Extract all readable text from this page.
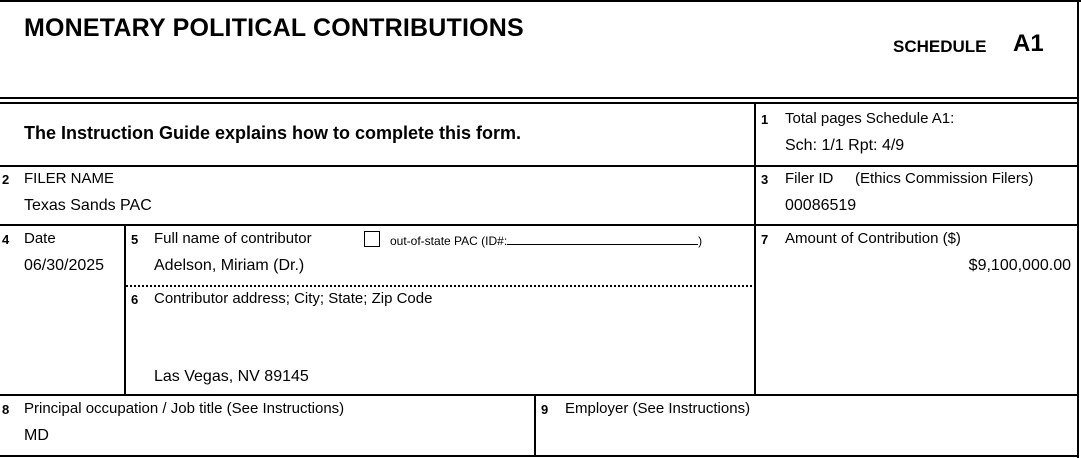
MONETARY POLITICAL CONTRIBUTIONS
SCHEDULE A1
The Instruction Guide explains how to complete this form.
1 Total pages Schedule A1:
Sch: 1/1 Rpt: 4/9
2 FILER NAME
Texas Sands PAC
3 Filer ID (Ethics Commission Filers)
00086519
4 Date
06/30/2025
5 Full name of contributor	out-of-state PAC (ID#:	)
Adelson, Miriam (Dr.)
6 Contributor address; City; State; Zip Code
Las Vegas, NV 89145
7 Amount of Contribution ($)
$9,100,000.00
8 Principal occupation / Job title (See Instructions)
MD
9 Employer (See Instructions)
